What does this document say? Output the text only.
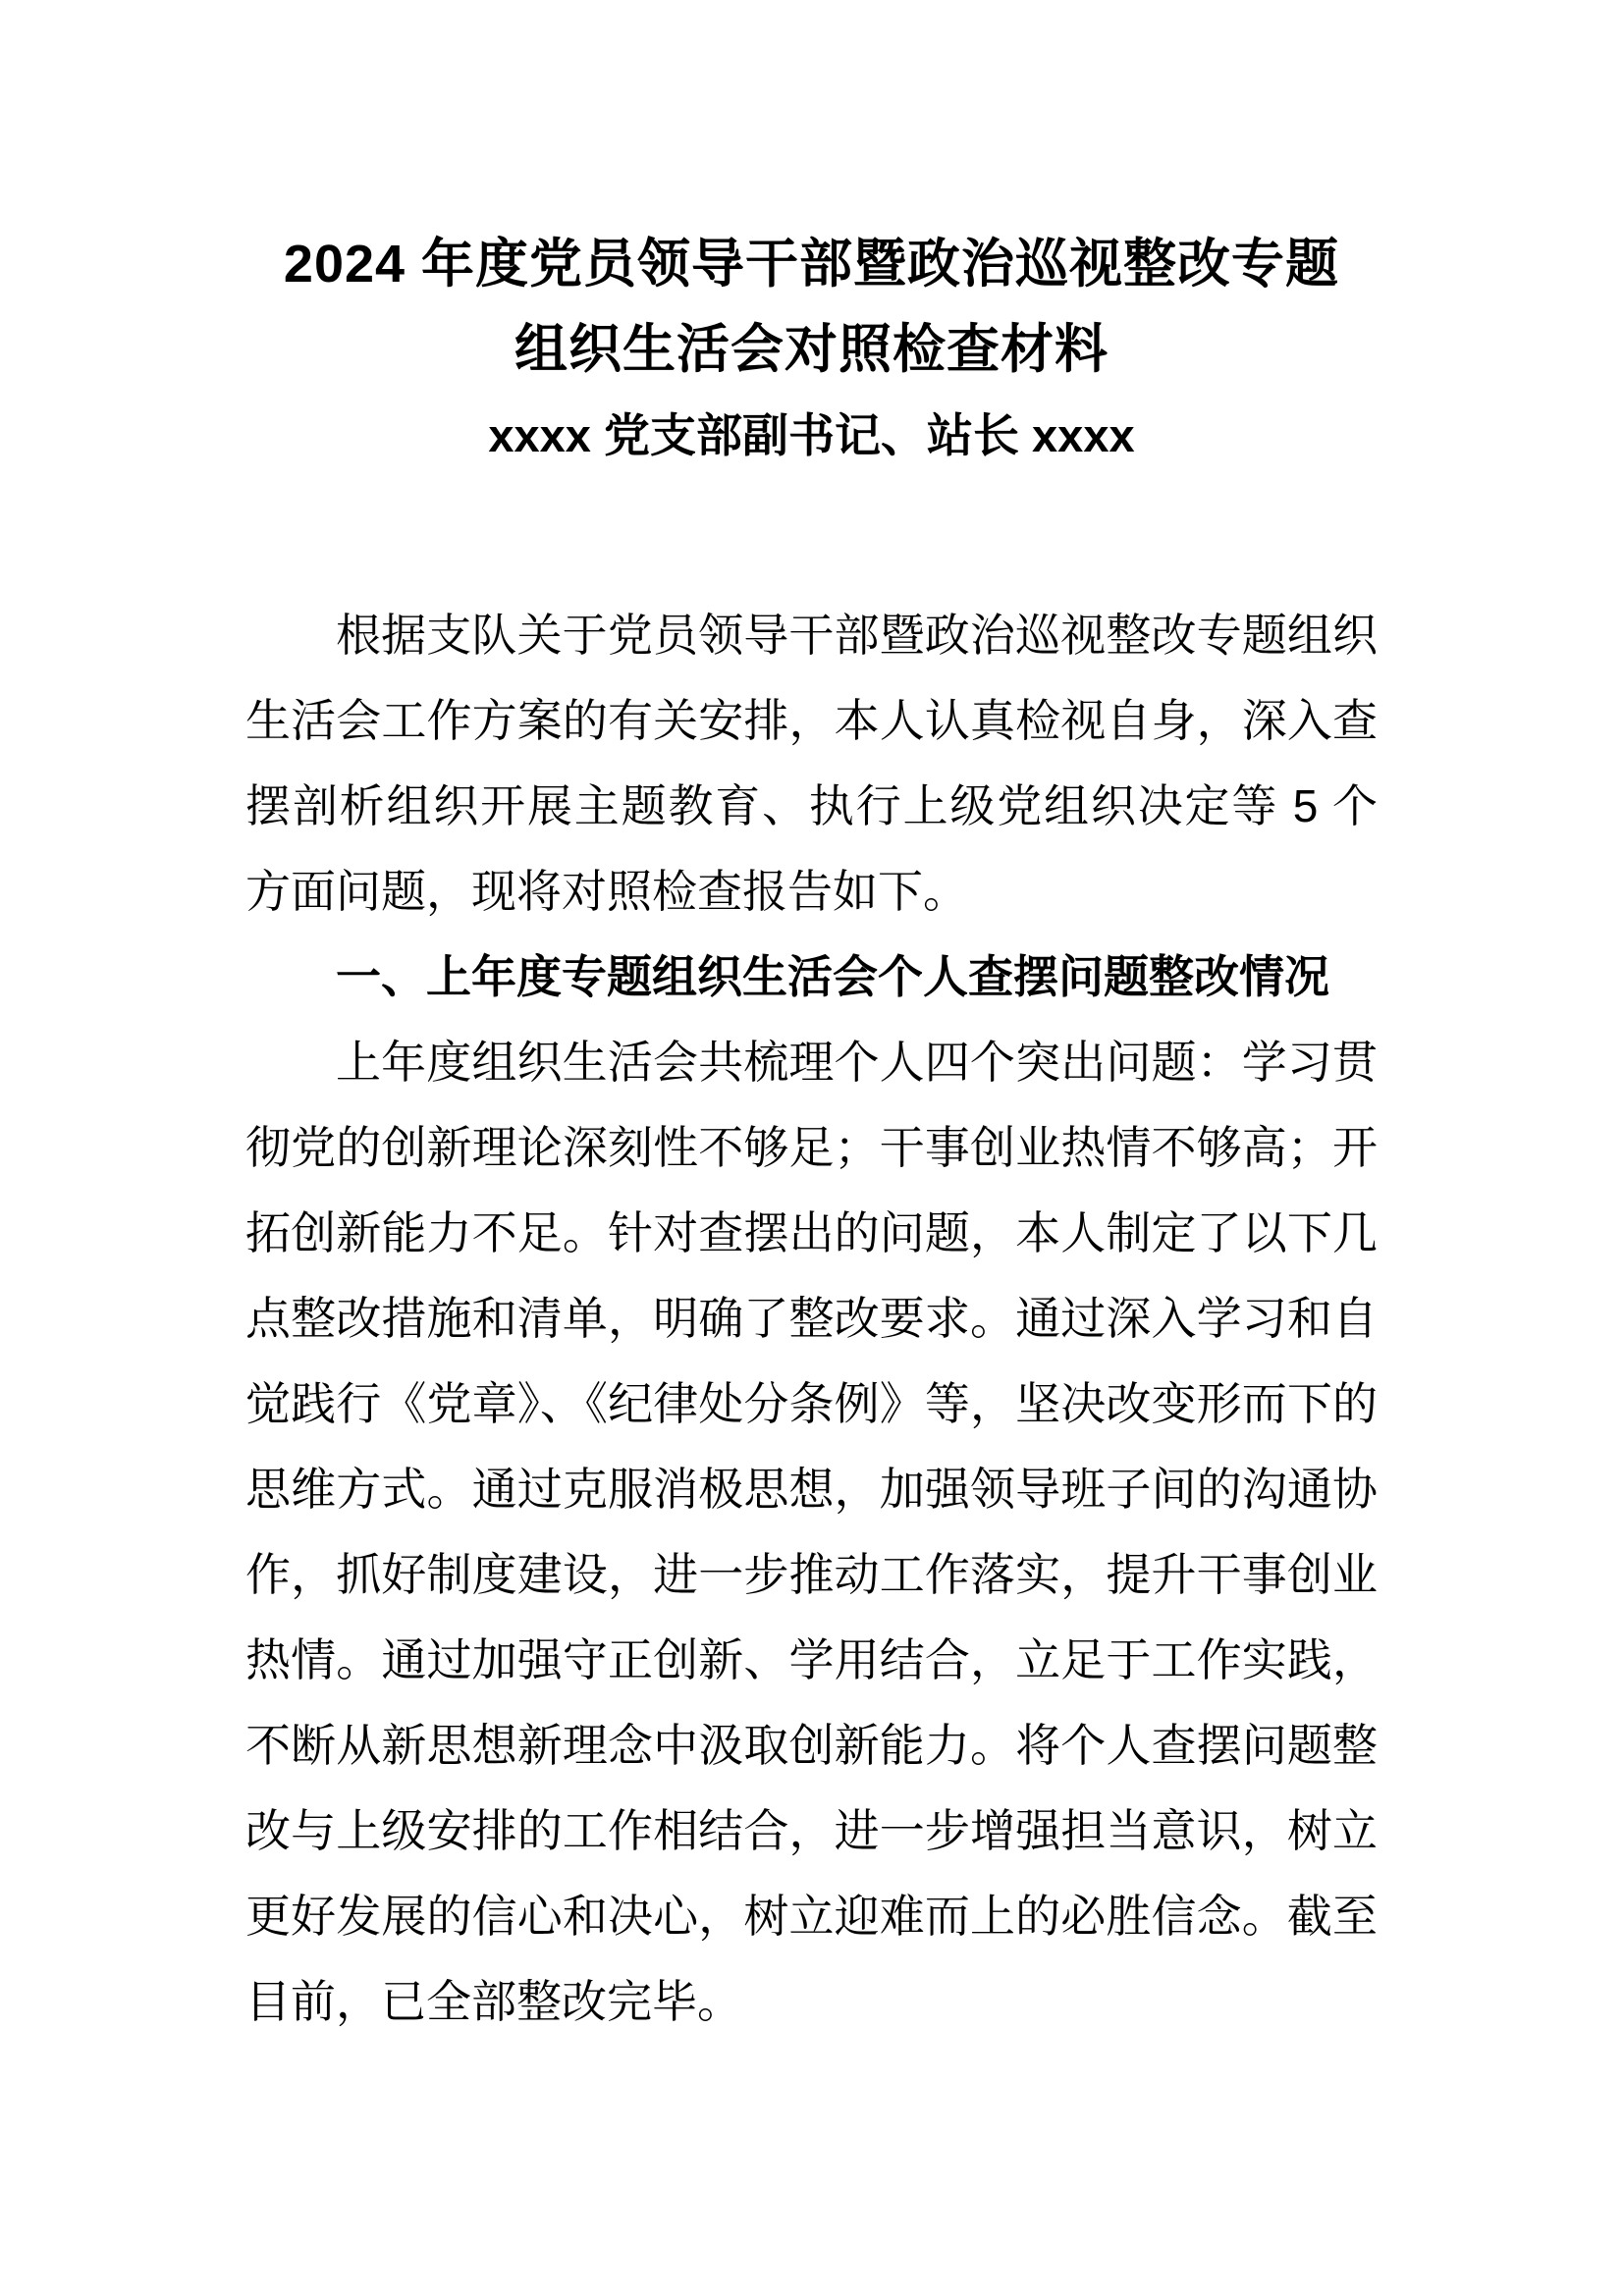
2024 年度党员领导干部暨政治巡视整改专题
组织生活会对照检查材料
xxxx 党支部副书记、站长 xxxx

根据支队关于党员领导干部暨政治巡视整改专题组织生活会工作方案的有关安排，本人认真检视自身，深入查摆剖析组织开展主题教育、执行上级党组织决定等 5 个方面问题，现将对照检查报告如下。

一、上年度专题组织生活会个人查摆问题整改情况

上年度组织生活会共梳理个人四个突出问题：学习贯彻党的创新理论深刻性不够足；干事创业热情不够高；开拓创新能力不足。针对查摆出的问题，本人制定了以下几点整改措施和清单，明确了整改要求。通过深入学习和自觉践行《党章》、《纪律处分条例》等，坚决改变形而下的思维方式。通过克服消极思想，加强领导班子间的沟通协作，抓好制度建设，进一步推动工作落实，提升干事创业热情。通过加强守正创新、学用结合，立足于工作实践，不断从新思想新理念中汲取创新能力。将个人查摆问题整改与上级安排的工作相结合，进一步增强担当意识，树立更好发展的信心和决心，树立迎难而上的必胜信念。截至目前，已全部整改完毕。
